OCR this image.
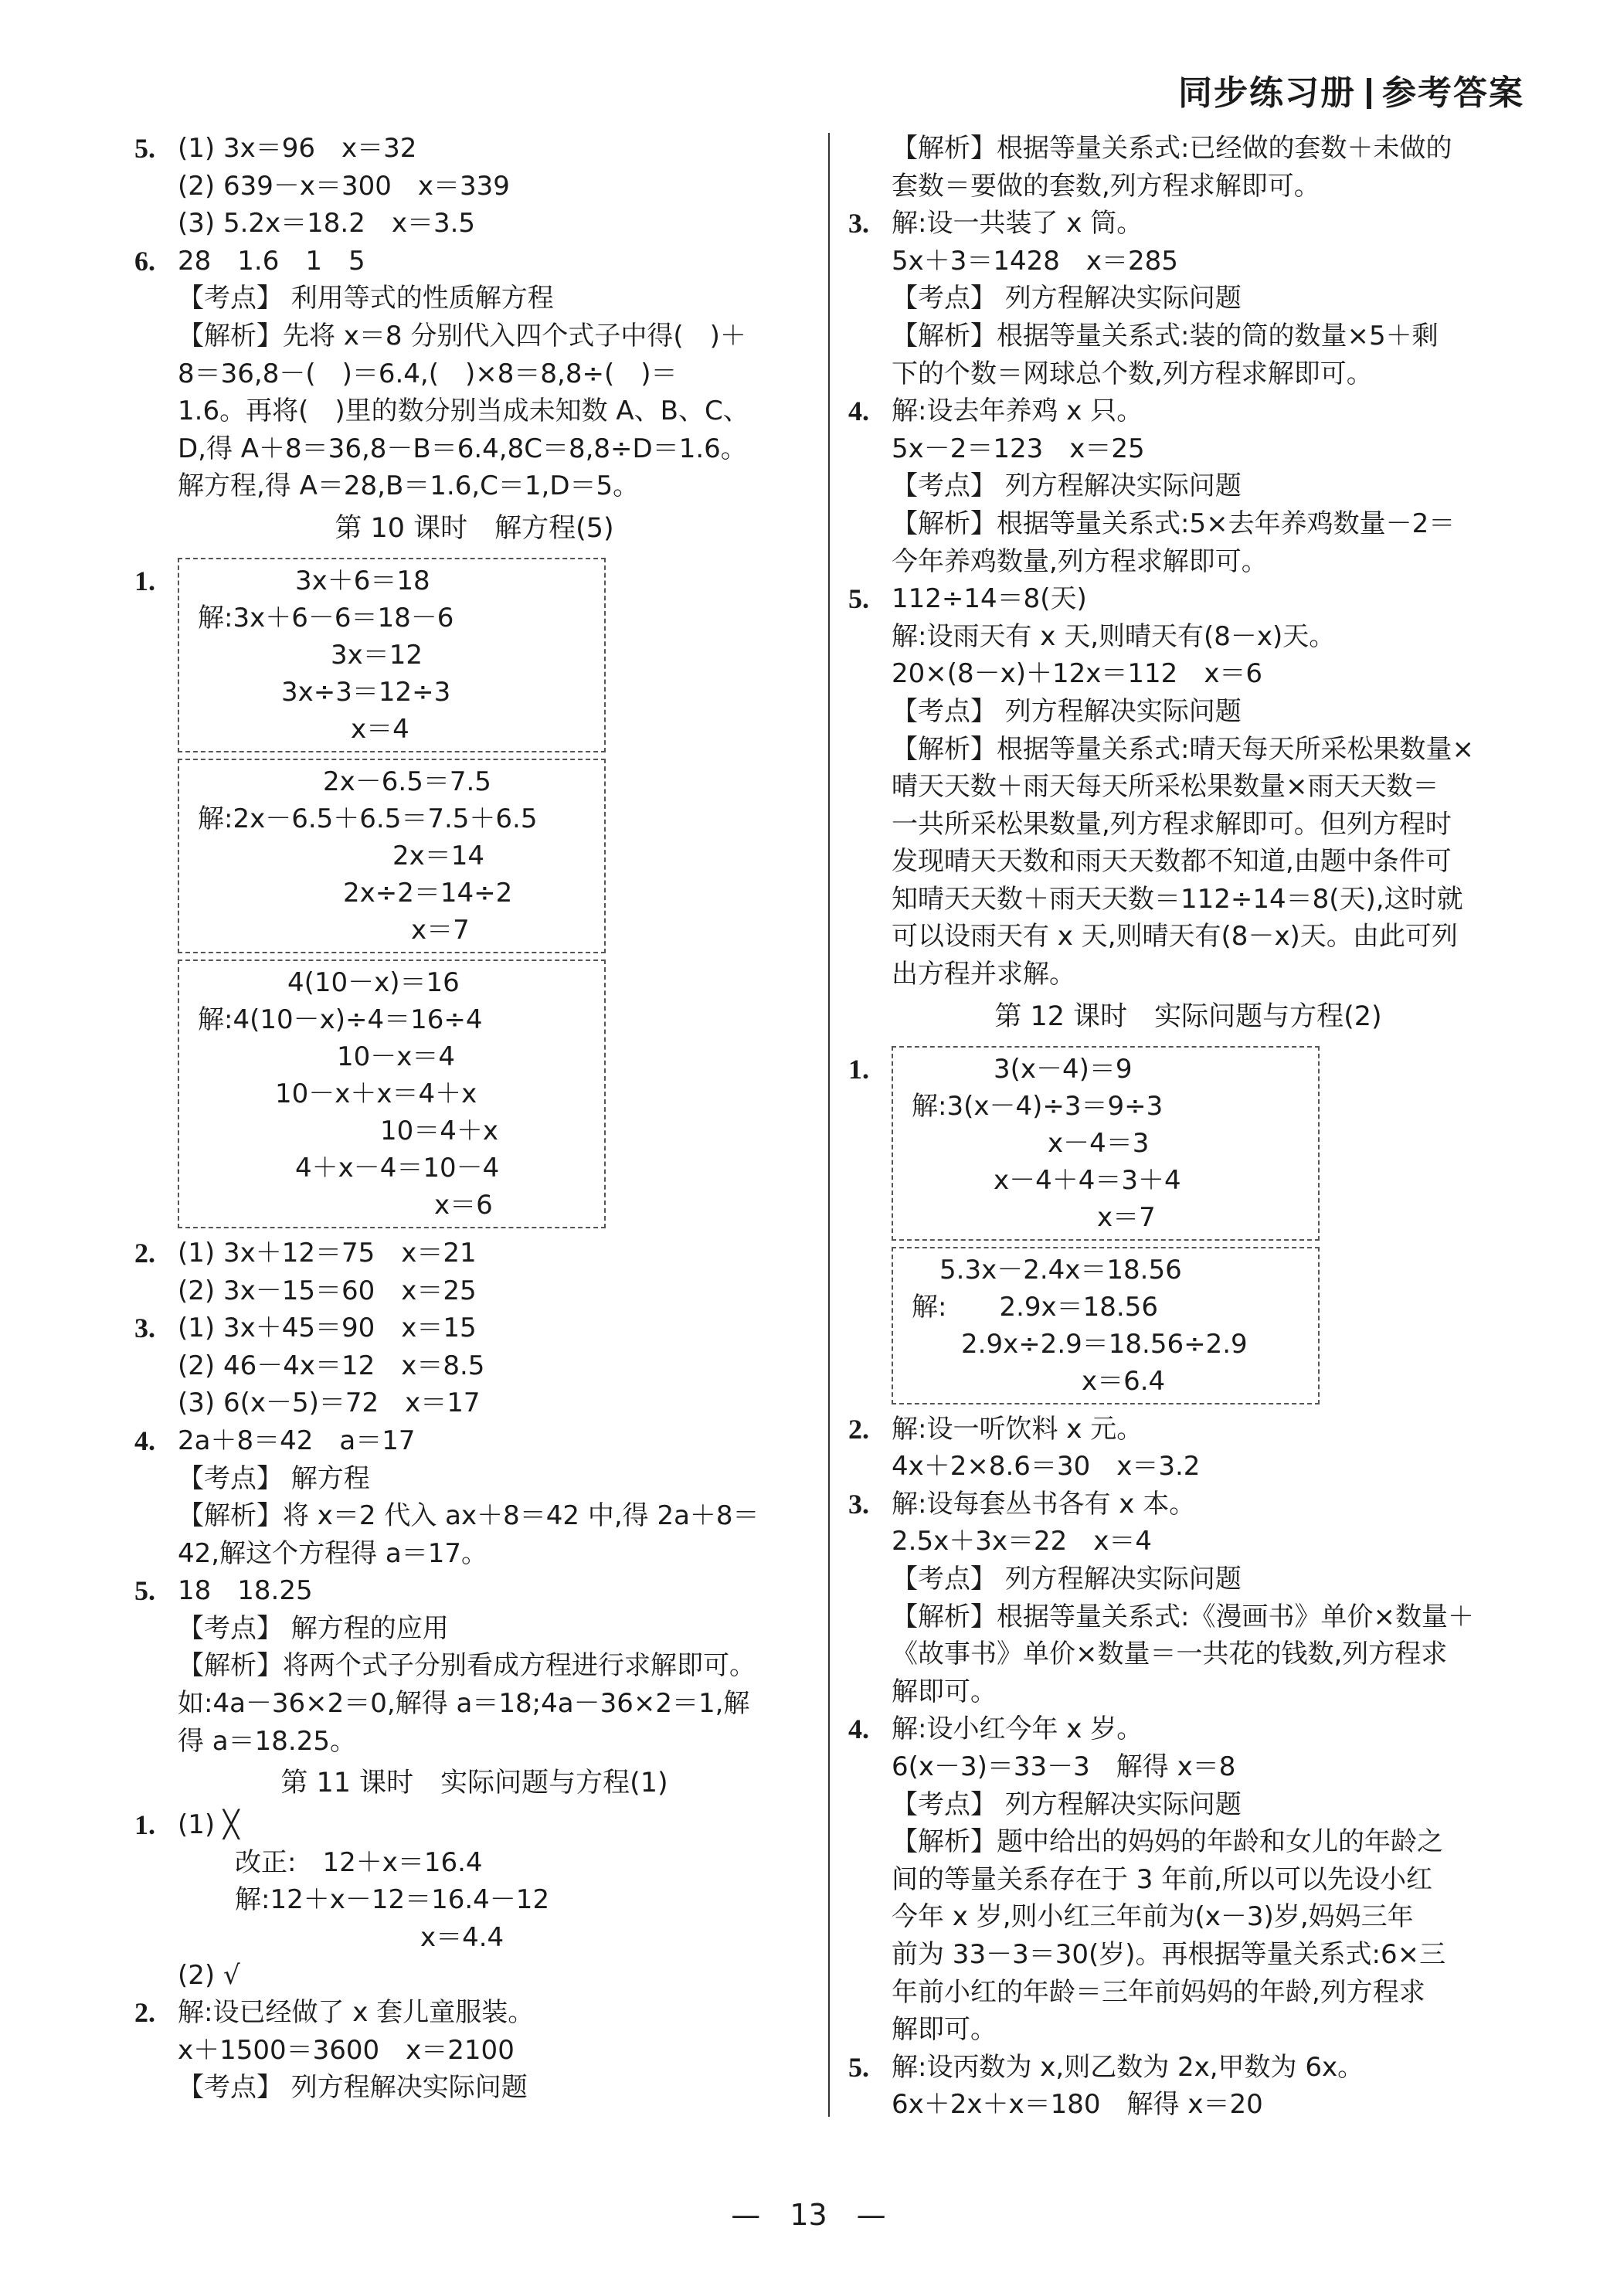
同步练习册 参考答案
5. (1) 3x＝96　x＝32
(2) 639－x＝300　x＝339
(3) 5.2x＝18.2　x＝3.5
6. 28　1.6　1　5
【考点】 利用等式的性质解方程
【解析】先将 x＝8 分别代入四个式子中得(　)＋
8＝36,8－(　)＝6.4,(　)×8＝8,8÷(　)＝
1.6。再将(　)里的数分别当成未知数 A、B、C、
D,得 A＋8＝36,8－B＝6.4,8C＝8,8÷D＝1.6。
解方程,得 A＝28,B＝1.6,C＝1,D＝5。
第 10 课时　解方程(5)
1.	3x＋6＝18
解:3x＋6－6＝18－6
3x＝12
3x÷3＝12÷3
x＝4
2x－6.5＝7.5
解:2x－6.5＋6.5＝7.5＋6.5
2x＝14
2x÷2＝14÷2
x＝7
4(10－x)＝16
解:4(10－x)÷4＝16÷4
10－x＝4
10－x＋x＝4＋x
10＝4＋x
4＋x－4＝10－4
x＝6
2. (1) 3x＋12＝75　x＝21
(2) 3x－15＝60　x＝25
3. (1) 3x＋45＝90　x＝15
(2) 46－4x＝12　x＝8.5
(3) 6(x－5)＝72　x＝17
4. 2a＋8＝42　a＝17
【考点】 解方程
【解析】将 x＝2 代入 ax＋8＝42 中,得 2a＋8＝
42,解这个方程得 a＝17。
5. 18　18.25
【考点】 解方程的应用
【解析】将两个式子分别看成方程进行求解即可。
如:4a－36×2＝0,解得 a＝18;4a－36×2＝1,解
得 a＝18.25。
第 11 课时　实际问题与方程(1)
1. (1) ╳
改正:　12＋x＝16.4
解:12＋x－12＝16.4－12
x＝4.4
(2) √
2. 解:设已经做了 x 套儿童服装。
x＋1500＝3600　x＝2100
【考点】 列方程解决实际问题
【解析】根据等量关系式:已经做的套数＋未做的
套数＝要做的套数,列方程求解即可。
3. 解:设一共装了 x 筒。
5x＋3＝1428　x＝285
【考点】 列方程解决实际问题
【解析】根据等量关系式:装的筒的数量×5＋剩
下的个数＝网球总个数,列方程求解即可。
4. 解:设去年养鸡 x 只。
5x－2＝123　x＝25
【考点】 列方程解决实际问题
【解析】根据等量关系式:5×去年养鸡数量－2＝
今年养鸡数量,列方程求解即可。
5. 112÷14＝8(天)
解:设雨天有 x 天,则晴天有(8－x)天。
20×(8－x)＋12x＝112　x＝6
【考点】 列方程解决实际问题
【解析】根据等量关系式:晴天每天所采松果数量×
晴天天数＋雨天每天所采松果数量×雨天天数＝
一共所采松果数量,列方程求解即可。但列方程时
发现晴天天数和雨天天数都不知道,由题中条件可
知晴天天数＋雨天天数＝112÷14＝8(天),这时就
可以设雨天有 x 天,则晴天有(8－x)天。由此可列
出方程并求解。
第 12 课时　实际问题与方程(2)
1.	3(x－4)＝9
解:3(x－4)÷3＝9÷3
x－4＝3
x－4＋4＝3＋4
x＝7
5.3x－2.4x＝18.56
解:　　2.9x＝18.56
2.9x÷2.9＝18.56÷2.9
x＝6.4
2. 解:设一听饮料 x 元。
4x＋2×8.6＝30　x＝3.2
3. 解:设每套丛书各有 x 本。
2.5x＋3x＝22　x＝4
【考点】 列方程解决实际问题
【解析】根据等量关系式:《漫画书》单价×数量＋
《故事书》单价×数量＝一共花的钱数,列方程求
解即可。
4. 解:设小红今年 x 岁。
6(x－3)＝33－3　解得 x＝8
【考点】 列方程解决实际问题
【解析】题中给出的妈妈的年龄和女儿的年龄之
间的等量关系存在于 3 年前,所以可以先设小红
今年 x 岁,则小红三年前为(x－3)岁,妈妈三年
前为 33－3＝30(岁)。再根据等量关系式:6×三
年前小红的年龄＝三年前妈妈的年龄,列方程求
解即可。
5. 解:设丙数为 x,则乙数为 2x,甲数为 6x。
6x＋2x＋x＝180　解得 x＝20
—　13　—
